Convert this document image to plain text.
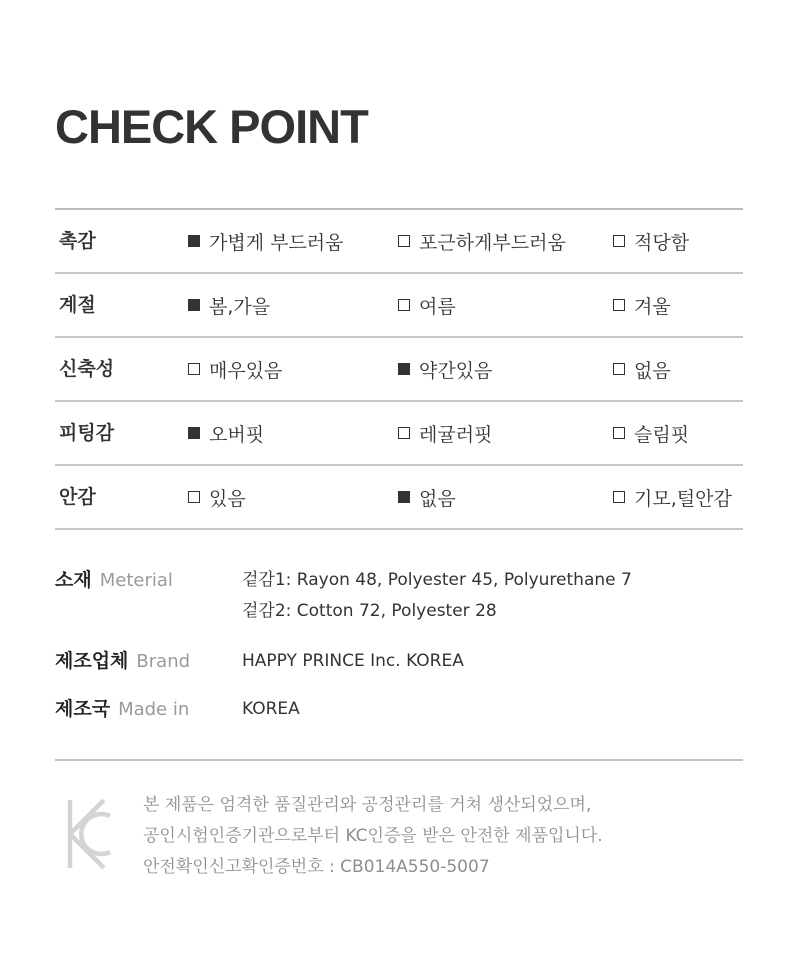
CHECK POINT
촉감	가볍게 부드러움	포근하게부드러움	적당함
계절	봄,가을	여름	겨울
신축성	매우있음	약간있음	없음
피팅감	오버핏	레귤러핏	슬림핏
안감	있음	없음	기모,털안감
소재 Meterial	겉감1: Rayon 48, Polyester 45, Polyurethane 7
겉감2: Cotton 72, Polyester 28
제조업체 Brand	HAPPY PRINCE Inc. KOREA
제조국 Made in	KOREA
본 제품은 엄격한 품질관리와 공정관리를 거쳐 생산되었으며,
공인시험인증기관으로부터 KC인증을 받은 안전한 제품입니다.
안전확인신고확인증번호 : CB014A550-5007
